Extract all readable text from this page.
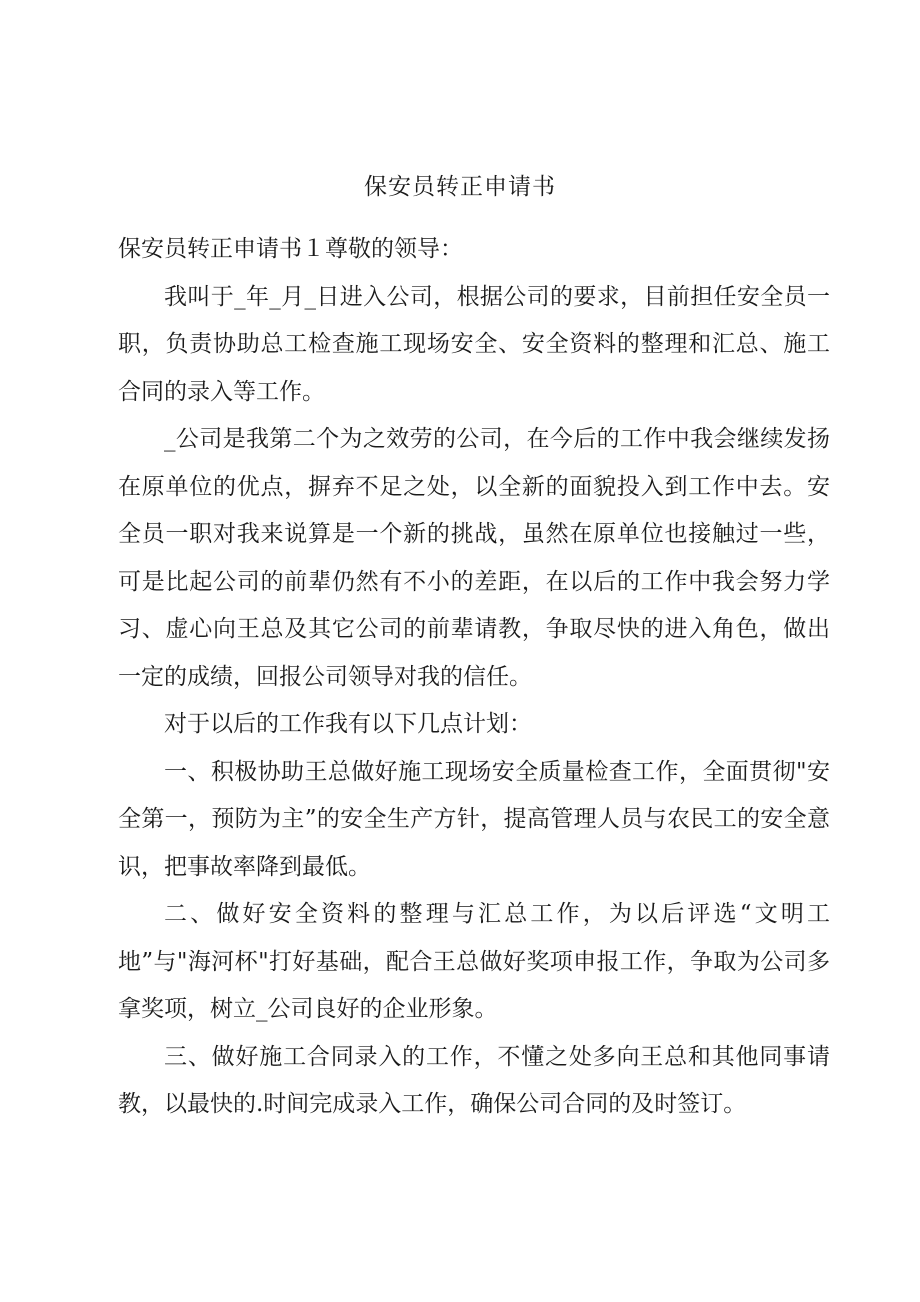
保安员转正申请书

保安员转正申请书１尊敬的领导：

我叫于_年_月_日进入公司，根据公司的要求，目前担任安全员一职，负责协助总工检查施工现场安全、安全资料的整理和汇总、施工合同的录入等工作。

_公司是我第二个为之效劳的公司，在今后的工作中我会继续发扬在原单位的优点，摒弃不足之处，以全新的面貌投入到工作中去。安全员一职对我来说算是一个新的挑战，虽然在原单位也接触过一些，可是比起公司的前辈仍然有不小的差距，在以后的工作中我会努力学习、虚心向王总及其它公司的前辈请教，争取尽快的进入角色，做出一定的成绩，回报公司领导对我的信任。

对于以后的工作我有以下几点计划：

一、积极协助王总做好施工现场安全质量检查工作，全面贯彻"安全第一，预防为主”的安全生产方针，提高管理人员与农民工的安全意识，把事故率降到最低。

二、做好安全资料的整理与汇总工作，为以后评选“文明工地”与"海河杯"打好基础，配合王总做好奖项申报工作，争取为公司多拿奖项，树立_公司良好的企业形象。

三、做好施工合同录入的工作，不懂之处多向王总和其他同事请教，以最快的.时间完成录入工作，确保公司合同的及时签订。
